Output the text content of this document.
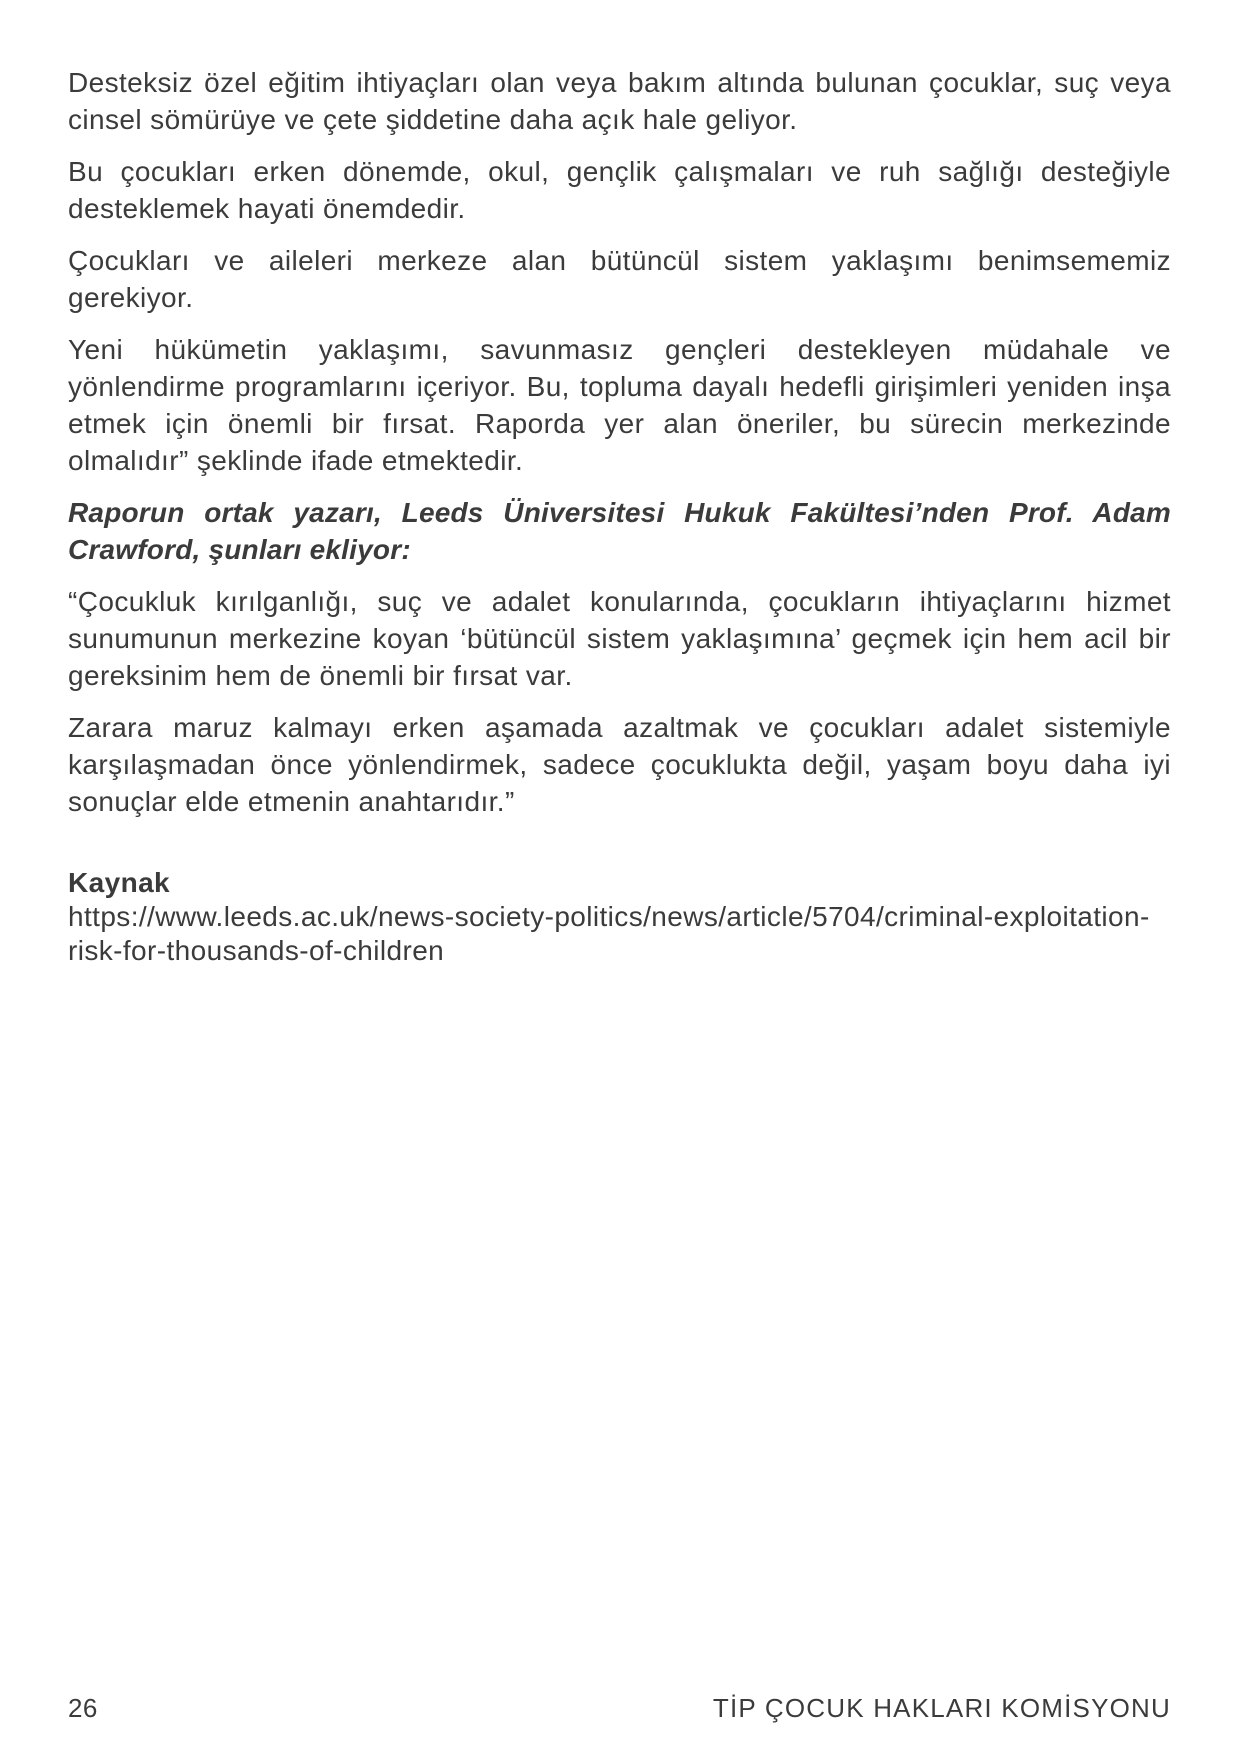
Desteksiz özel eğitim ihtiyaçları olan veya bakım altında bulunan çocuklar, suç veya cinsel sömürüye ve çete şiddetine daha açık hale geliyor.

Bu çocukları erken dönemde, okul, gençlik çalışmaları ve ruh sağlığı desteğiyle desteklemek hayati önemdedir.

Çocukları ve aileleri merkeze alan bütüncül sistem yaklaşımı benimsememiz gerekiyor.

Yeni hükümetin yaklaşımı, savunmasız gençleri destekleyen müdahale ve yönlendirme programlarını içeriyor. Bu, topluma dayalı hedefli girişimleri yeniden inşa etmek için önemli bir fırsat. Raporda yer alan öneriler, bu sürecin merkezinde olmalıdır” şeklinde ifade etmektedir.

Raporun ortak yazarı, Leeds Üniversitesi Hukuk Fakültesi’nden Prof. Adam Crawford, şunları ekliyor:

“Çocukluk kırılganlığı, suç ve adalet konularında, çocukların ihtiyaçlarını hizmet sunumunun merkezine koyan ‘bütüncül sistem yaklaşımına’ geçmek için hem acil bir gereksinim hem de önemli bir fırsat var.

Zarara maruz kalmayı erken aşamada azaltmak ve çocukları adalet sistemiyle karşılaşmadan önce yönlendirmek, sadece çocuklukta değil, yaşam boyu daha iyi sonuçlar elde etmenin anahtarıdır.”

Kaynak

https://www.leeds.ac.uk/news-society-politics/news/article/5704/criminal-exploitation-risk-for-thousands-of-children

26	TİP ÇOCUK HAKLARI KOMİSYONU
